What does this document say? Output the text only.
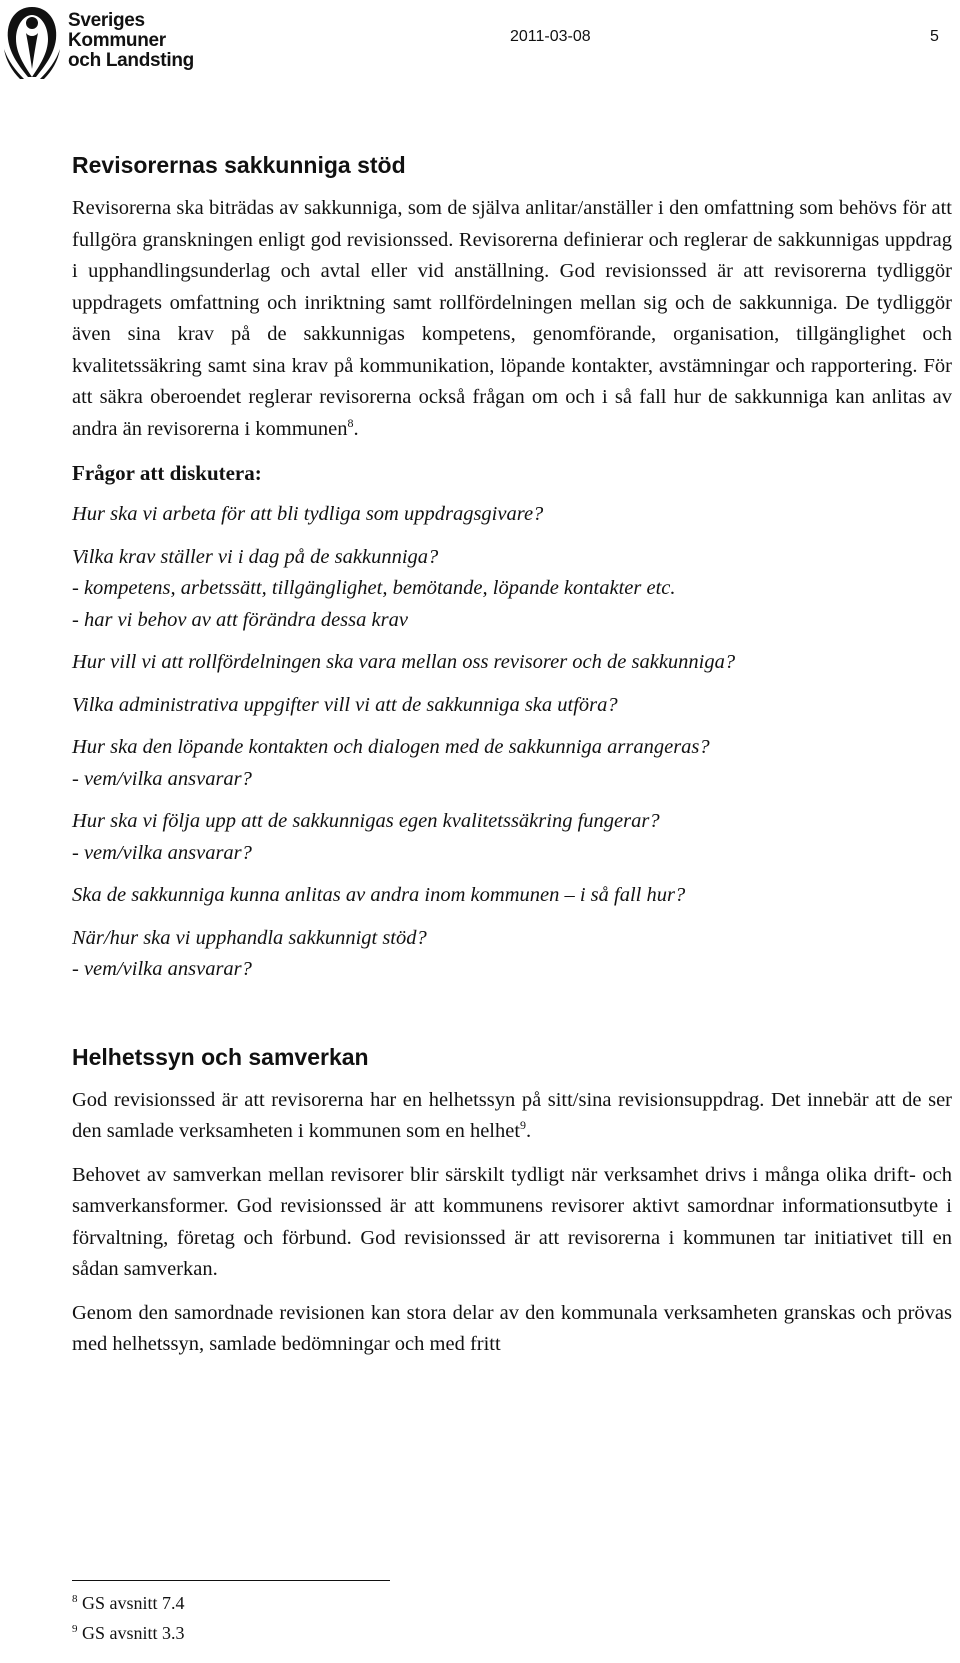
Sveriges
Kommuner
och Landsting
2011-03-08	5
Revisorernas sakkunniga stöd

Revisorerna ska biträdas av sakkunniga, som de själva anlitar/anställer i den omfattning som behövs för att fullgöra granskningen enligt god revisionssed. Revisorerna definierar och reglerar de sakkunnigas uppdrag i upphandlingsunderlag och avtal eller vid anställning. God revisionssed är att revisorerna tydliggör uppdragets omfattning och inriktning samt rollfördelningen mellan sig och de sakkunniga. De tydliggör även sina krav på de sakkunnigas kompetens, genomförande, organisation, tillgänglighet och kvalitetssäkring samt sina krav på kommunikation, löpande kontakter, avstämningar och rapportering. För att säkra oberoendet reglerar revisorerna också frågan om och i så fall hur de sakkunniga kan anlitas av andra än revisorerna i kommunen$^8$.

Frågor att diskutera:
Hur ska vi arbeta för att bli tydliga som uppdragsgivare?
Vilka krav ställer vi i dag på de sakkunniga?
- kompetens, arbetssätt, tillgänglighet, bemötande, löpande kontakter etc.
- har vi behov av att förändra dessa krav
Hur vill vi att rollfördelningen ska vara mellan oss revisorer och de sakkunniga?
Vilka administrativa uppgifter vill vi att de sakkunniga ska utföra?
Hur ska den löpande kontakten och dialogen med de sakkunniga arrangeras?
- vem/vilka ansvarar?
Hur ska vi följa upp att de sakkunnigas egen kvalitetssäkring fungerar?
- vem/vilka ansvarar?
Ska de sakkunniga kunna anlitas av andra inom kommunen – i så fall hur?
När/hur ska vi upphandla sakkunnigt stöd?
- vem/vilka ansvarar?
Helhetssyn och samverkan

God revisionssed är att revisorerna har en helhetssyn på sitt/sina revisionsuppdrag. Det innebär att de ser den samlade verksamheten i kommunen som en helhet$^9$.

Behovet av samverkan mellan revisorer blir särskilt tydligt när verksamhet drivs i många olika drift- och samverkansformer. God revisionssed är att kommunens revisorer aktivt samordnar informationsutbyte i förvaltning, företag och förbund. God revisionssed är att revisorerna i kommunen tar initiativet till en sådan samverkan.

Genom den samordnade revisionen kan stora delar av den kommunala verksamheten granskas och prövas med helhetssyn, samlade bedömningar och med fritt

$^8$ GS avsnitt 7.4
$^9$ GS avsnitt 3.3
